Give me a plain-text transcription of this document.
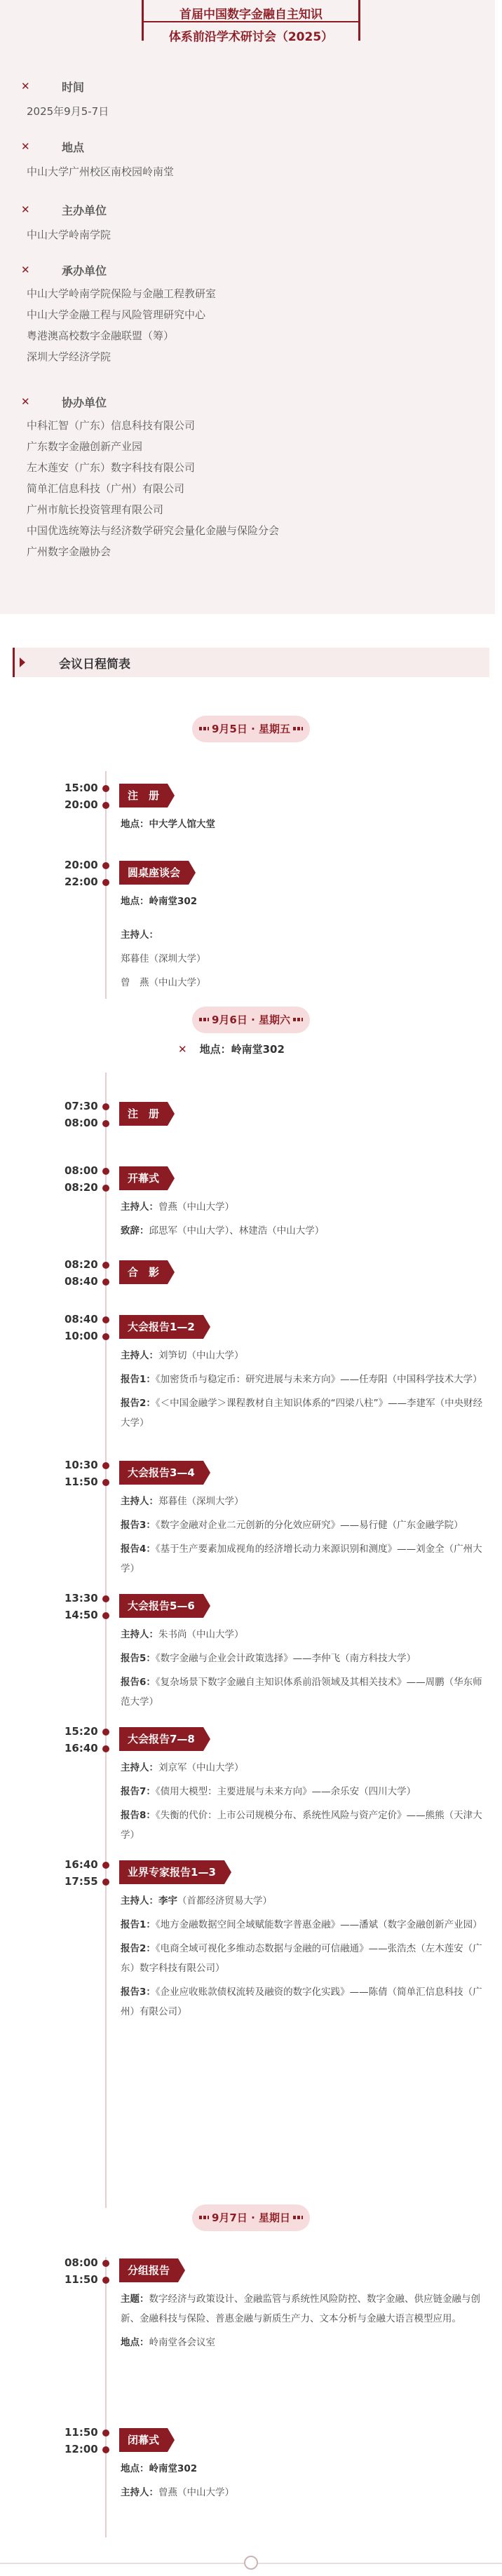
首届中国数字金融自主知识
体系前沿学术研讨会（2025）
✕	时间
2025年9月5-7日
✕	地点
中山大学广州校区南校园岭南堂
✕	主办单位
中山大学岭南学院
✕	承办单位
中山大学岭南学院保险与金融工程教研室
中山大学金融工程与风险管理研究中心
粤港澳高校数字金融联盟（筹）
深圳大学经济学院
✕	协办单位
中科汇智（广东）信息科技有限公司
广东数字金融创新产业园
左木莲安（广东）数字科技有限公司
简单汇信息科技（广州）有限公司
广州市航长投资管理有限公司
中国优选统筹法与经济数学研究会量化金融与保险分会
广州数字金融协会
会议日程简表
9月5日 · 星期五
9月6日 · 星期六
✕ 地点：岭南堂302
9月7日 · 星期日
15:00
20:00
注　册
地点：中大学人馆大堂
20:00
22:00
圆桌座谈会
地点：岭南堂302
主持人：
郑暮佳（深圳大学）
曾　燕（中山大学）
07:30
08:00
注　册
08:00
08:20
开幕式
主持人：曾燕（中山大学）
致辞：邱思军（中山大学）、林建浩（中山大学）
08:20
08:40
合　影
08:40
10:00
大会报告1—2
主持人：刘笋切（中山大学）
报告1：《加密货币与稳定币：研究进展与未来方向》——任寿阳（中国科学技术大学）
报告2：《＜中国金融学＞课程教材自主知识体系的“四梁八柱”》——李建军（中央财经大学）
10:30
11:50
大会报告3—4
主持人：郑暮佳（深圳大学）
报告3：《数字金融对企业二元创新的分化效应研究》——易行健（广东金融学院）
报告4：《基于生产要素加成视角的经济增长动力来源识别和测度》——刘金全（广州大学）
13:30
14:50
大会报告5—6
主持人：朱书尚（中山大学）
报告5：《数字金融与企业会计政策选择》——李仲飞（南方科技大学）
报告6：《复杂场景下数字金融自主知识体系前沿领域及其相关技术》——周鹏（华东师范大学）
15:20
16:40
大会报告7—8
主持人：刘京军（中山大学）
报告7：《债用大模型：主要进展与未来方向》——余乐安（四川大学）
报告8：《失衡的代价：上市公司规模分布、系统性风险与资产定价》——熊熊（天津大学）
16:40
17:55
业界专家报告1—3
主持人：李宇（首都经济贸易大学）
报告1：《地方金融数据空间全域赋能数字普惠金融》——潘斌（数字金融创新产业园）
报告2：《电商全域可视化多维动态数据与金融的可信融通》——张浩杰（左木莲安（广东）数字科技有限公司）
报告3：《企业应收账款债权流转及融资的数字化实践》——陈倩（简单汇信息科技（广州）有限公司）
08:00
11:50
分组报告
主题：数字经济与政策设计、金融监管与系统性风险防控、数字金融、供应链金融与创新、金融科技与保险、普惠金融与新质生产力、文本分析与金融大语言模型应用。
地点：岭南堂各会议室
11:50
12:00
闭幕式
地点：岭南堂302
主持人：曾燕（中山大学）
